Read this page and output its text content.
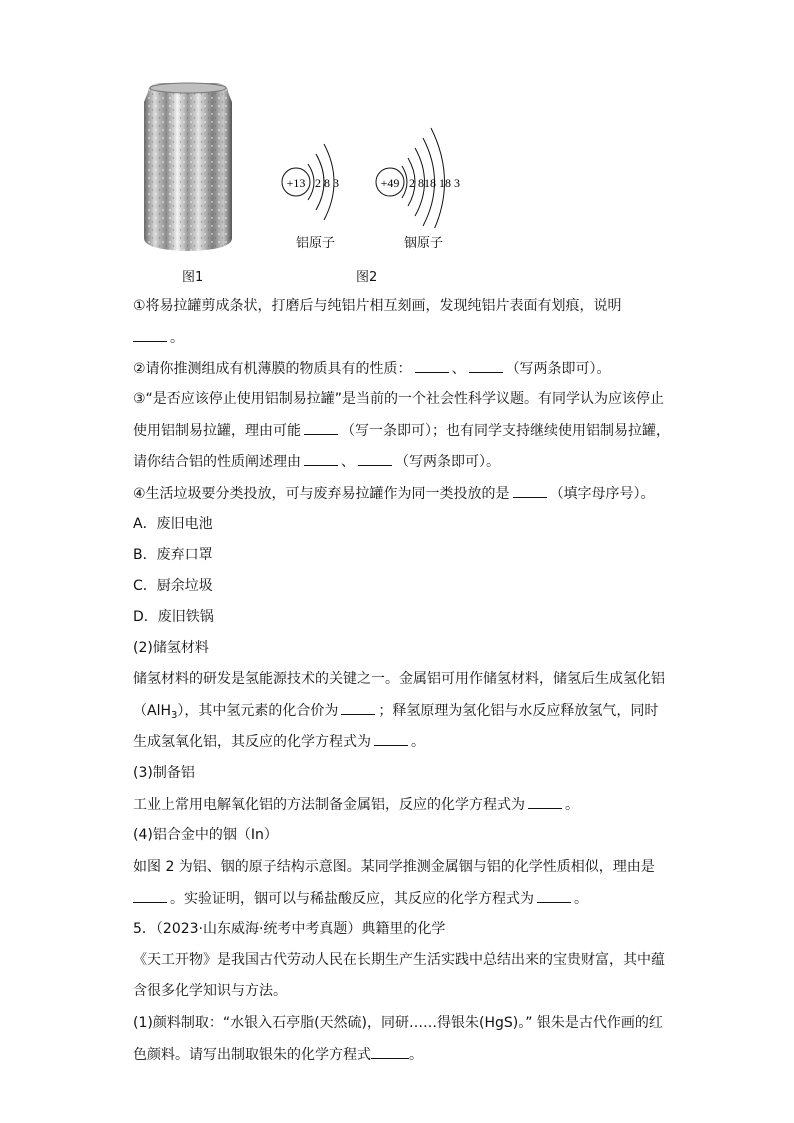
图1
+13 2 8 3	+49 2 818 18 3
铝原子	铟原子
图2
①将易拉罐剪成条状，打磨后与纯铝片相互刻画，发现纯铝片表面有划痕，说明
。
②请你推测组成有机薄膜的物质具有的性质：	、	（写两条即可）。
③“是否应该停止使用铝制易拉罐”是当前的一个社会性科学议题。有同学认为应该停止
使用铝制易拉罐，理由可能	（写一条即可）；也有同学支持继续使用铝制易拉罐，
请你结合铝的性质阐述理由	、	（写两条即可）。
④生活垃圾要分类投放，可与废弃易拉罐作为同一类投放的是	（填字母序号）。
A．废旧电池
B．废弃口罩
C．厨余垃圾
D．废旧铁锅
(2)储氢材料
储氢材料的研发是氢能源技术的关键之一。金属铝可用作储氢材料，储氢后生成氢化铝
（AlH$_3$），其中氢元素的化合价为	；释氢原理为氢化铝与水反应释放氢气，同时
生成氢氧化铝，其反应的化学方程式为	。
(3)制备铝
工业上常用电解氧化铝的方法制备金属铝，反应的化学方程式为	。
(4)铝合金中的铟（In）
如图 2 为铝、铟的原子结构示意图。某同学推测金属铟与铝的化学性质相似，理由是
。实验证明，铟可以与稀盐酸反应，其反应的化学方程式为	。
5．（2023·山东威海·统考中考真题）典籍里的化学
《天工开物》是我国古代劳动人民在长期生产生活实践中总结出来的宝贵财富，其中蕴
含很多化学知识与方法。
(1)颜料制取：“水银入石亭脂(天然硫)，同研……得银朱(HgS)。” 银朱是古代作画的红
色颜料。请写出制取银朱的化学方程式	。
